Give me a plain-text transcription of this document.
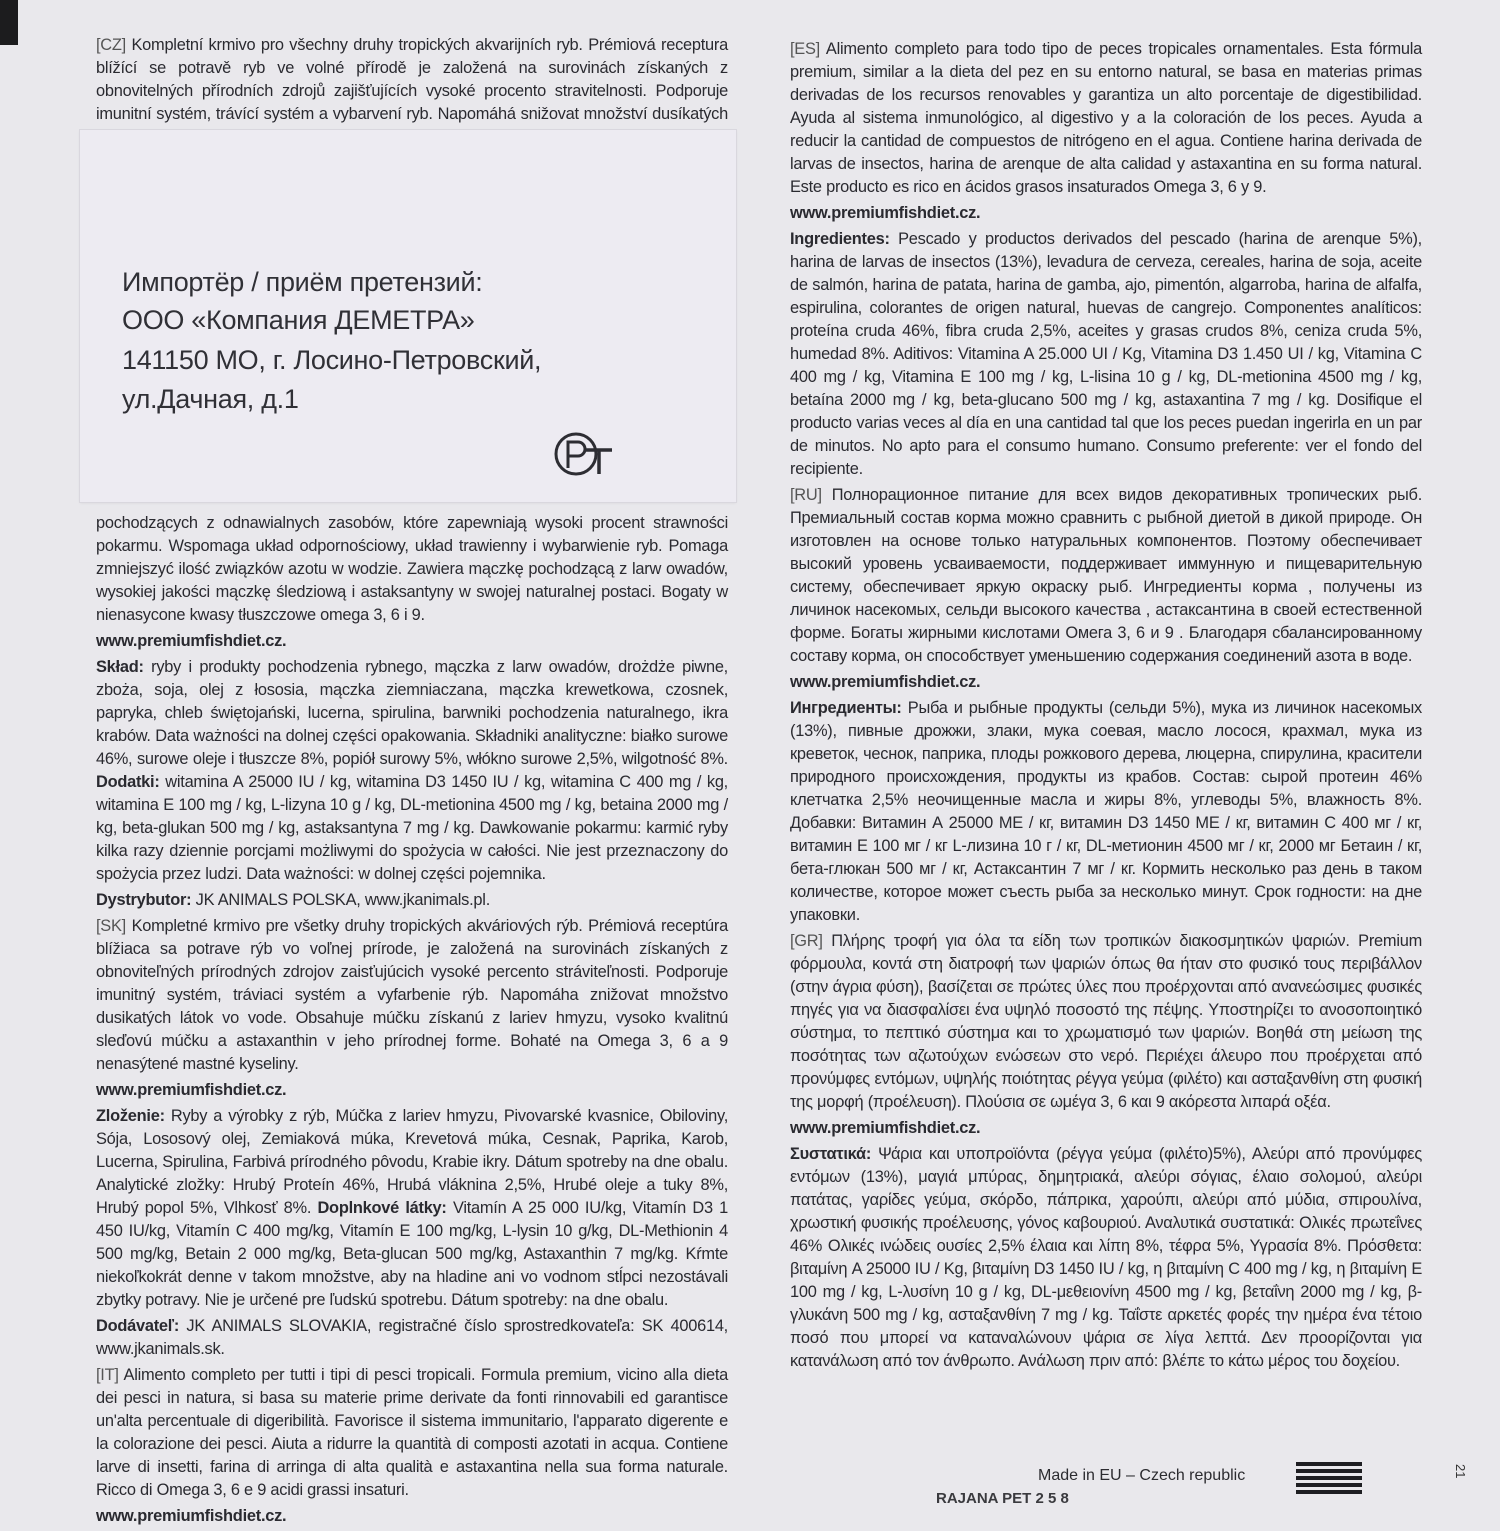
[CZ] Kompletní krmivo pro všechny druhy tropických akvarijních ryb. Prémiová receptura blížící se potravě ryb ve volné přírodě je založená na surovinách získaných z obnovitelných přírodních zdrojů zajišťujících vysoké procento stravitelnosti. Podporuje imunitní systém, trávící systém a vybarvení ryb. Napomáhá snižovat množství dusíkatých

pochodzących z odnawialnych zasobów, które zapewniają wysoki procent strawności pokarmu. Wspomaga układ odpornościowy, układ trawienny i wybarwienie ryb. Pomaga zmniejszyć ilość związków azotu w wodzie. Zawiera mączkę pochodzącą z larw owadów, wysokiej jakości mączkę śledziową i astaksantyny w swojej naturalnej postaci. Bogaty w nienasycone kwasy tłuszczowe omega 3, 6 i 9.

www.premiumfishdiet.cz.

Skład: ryby i produkty pochodzenia rybnego, mączka z larw owadów, drożdże piwne, zboża, soja, olej z łososia, mączka ziemniaczana, mączka krewetkowa, czosnek, papryka, chleb świętojański, lucerna, spirulina, barwniki pochodzenia naturalnego, ikra krabów. Data ważności na dolnej części opakowania. Składniki analityczne: białko surowe 46%, surowe oleje i tłuszcze 8%, popiół surowy 5%, włókno surowe 2,5%, wilgotność 8%. Dodatki: witamina A 25000 IU / kg, witamina D3 1450 IU / kg, witamina C 400 mg / kg, witamina E 100 mg / kg, L-lizyna 10 g / kg, DL-metionina 4500 mg / kg, betaina 2000 mg / kg, beta-glukan 500 mg / kg, astaksantyna 7 mg / kg. Dawkowanie pokarmu: karmić ryby kilka razy dziennie porcjami możliwymi do spożycia w całości. Nie jest przeznaczony do spożycia przez ludzi. Data ważności: w dolnej części pojemnika.

Dystrybutor: JK ANIMALS POLSKA, www.jkanimals.pl.

[SK] Kompletné krmivo pre všetky druhy tropických akváriových rýb. Prémiová receptúra blížiaca sa potrave rýb vo voľnej prírode, je založená na surovinách získaných z obnoviteľných prírodných zdrojov zaisťujúcich vysoké percento stráviteľnosti. Podporuje imunitný systém, tráviaci systém a vyfarbenie rýb. Napomáha znižovat množstvo dusikatých látok vo vode. Obsahuje múčku získanú z lariev hmyzu, vysoko kvalitnú sleďovú múčku a astaxanthin v jeho prírodnej forme. Bohaté na Omega 3, 6 a 9 nenasýtené mastné kyseliny.

www.premiumfishdiet.cz.

Zloženie: Ryby a výrobky z rýb, Múčka z lariev hmyzu, Pivovarské kvasnice, Obiloviny, Sója, Lososový olej, Zemiaková múka, Krevetová múka, Cesnak, Paprika, Karob, Lucerna, Spirulina, Farbivá prírodného pôvodu, Krabie ikry. Dátum spotreby na dne obalu. Analytické zložky: Hrubý Proteín 46%, Hrubá vláknina 2,5%, Hrubé oleje a tuky 8%, Hrubý popol 5%, Vlhkosť 8%. Doplnkové látky: Vitamín A 25 000 IU/kg, Vitamín D3 1 450 IU/kg, Vitamín C 400 mg/kg, Vitamín E 100 mg/kg, L-lysin 10 g/kg, DL-Methionin 4 500 mg/kg, Betain 2 000 mg/kg, Beta-glucan 500 mg/kg, Astaxanthin 7 mg/kg. Kŕmte niekoľkokrát denne v takom množstve, aby na hladine ani vo vodnom stĺpci nezostávali zbytky potravy. Nie je určené pre ľudskú spotrebu. Dátum spotreby: na dne obalu.

Dodávateľ: JK ANIMALS SLOVAKIA, registračné číslo sprostredkovateľa: SK 400614, www.jkanimals.sk.

[IT] Alimento completo per tutti i tipi di pesci tropicali. Formula premium, vicino alla dieta dei pesci in natura, si basa su materie prime derivate da fonti rinnovabili ed garantisce un'alta percentuale di digeribilità. Favorisce il sistema immunitario, l'apparato digerente e la colorazione dei pesci. Aiuta a ridurre la quantità di composti azotati in acqua. Contiene larve di insetti, farina di arringa di alta qualità e astaxantina nella sua forma naturale. Ricco di Omega 3, 6 e 9 acidi grassi insaturi.

www.premiumfishdiet.cz.

[ES] Alimento completo para todo tipo de peces tropicales ornamentales. Esta fórmula premium, similar a la dieta del pez en su entorno natural, se basa en materias primas derivadas de los recursos renovables y garantiza un alto porcentaje de digestibilidad. Ayuda al sistema inmunológico, al digestivo y a la coloración de los peces. Ayuda a reducir la cantidad de compuestos de nitrógeno en el agua. Contiene harina derivada de larvas de insectos, harina de arenque de alta calidad y astaxantina en su forma natural. Este producto es rico en ácidos grasos insaturados Omega 3, 6 y 9.

www.premiumfishdiet.cz.

Ingredientes: Pescado y productos derivados del pescado (harina de arenque 5%), harina de larvas de insectos (13%), levadura de cerveza, cereales, harina de soja, aceite de salmón, harina de patata, harina de gamba, ajo, pimentón, algarroba, harina de alfalfa, espirulina, colorantes de origen natural, huevas de cangrejo. Componentes analíticos: proteína cruda 46%, fibra cruda 2,5%, aceites y grasas crudos 8%, ceniza cruda 5%, humedad 8%. Aditivos: Vitamina A 25.000 UI / Kg, Vitamina D3 1.450 UI / kg, Vitamina C 400 mg / kg, Vitamina E 100 mg / kg, L-lisina 10 g / kg, DL-metionina 4500 mg / kg, betaína 2000 mg / kg, beta-glucano 500 mg / kg, astaxantina 7 mg / kg. Dosifique el producto varias veces al día en una cantidad tal que los peces puedan ingerirla en un par de minutos. No apto para el consumo humano. Consumo preferente: ver el fondo del recipiente.

[RU] Полнорационное питание для всех видов декоративных тропических рыб. Премиальный состав корма можно сравнить с рыбной диетой в дикой природе. Он изготовлен на основе только натуральных компонентов. Поэтому обеспечивает высокий уровень усваиваемости, поддерживает иммунную и пищеварительную систему, обеспечивает яркую окраску рыб. Ингредиенты корма , получены из личинок насекомых, сельди высокого качества , астаксантина в своей естественной форме. Богаты жирными кислотами Омега 3, 6 и 9 . Благодаря сбалансированному составу корма, он способствует уменьшению содержания соединений азота в воде.

www.premiumfishdiet.cz.

Ингредиенты: Рыба и рыбные продукты (сельди 5%), мука из личинок насекомых (13%), пивные дрожжи, злаки, мука соевая, масло лосося, крахмал, мука из креветок, чеснок, паприка, плоды рожкового дерева, люцерна, спирулина, красители природного происхождения, продукты из крабов. Состав: сырой протеин 46% клетчатка 2,5% неочищенные масла и жиры 8%, углеводы 5%, влажность 8%. Добавки: Витамин А 25000 МЕ / кг, витамин D3 1450 МЕ / кг, витамин С 400 мг / кг, витамин Е 100 мг / кг L-лизина 10 г / кг, DL-метионин 4500 мг / кг, 2000 мг Бетаин / кг, бета-глюкан 500 мг / кг, Астаксантин 7 мг / кг. Кормить несколько раз день в таком количестве, которое может съесть рыба за несколько минут. Срок годности: на дне упаковки.

[GR] Πλήρης τροφή για όλα τα είδη των τροπικών διακοσμητικών ψαριών. Premium φόρμουλα, κοντά στη διατροφή των ψαριών όπως θα ήταν στο φυσικό τους περιβάλλον (στην άγρια φύση), βασίζεται σε πρώτες ύλες που προέρχονται από ανανεώσιμες φυσικές πηγές για να διασφαλίσει ένα υψηλό ποσοστό της πέψης. Υποστηρίζει το ανοσοποιητικό σύστημα, το πεπτικό σύστημα και το χρωματισμό των ψαριών. Βοηθά στη μείωση της ποσότητας των αζωτούχων ενώσεων στο νερό. Περιέχει άλευρο που προέρχεται από προνύμφες εντόμων, υψηλής ποιότητας ρέγγα γεύμα (φιλέτο) και ασταξανθίνη στη φυσική της μορφή (προέλευση). Πλούσια σε ωμέγα 3, 6 και 9 ακόρεστα λιπαρά οξέα.

www.premiumfishdiet.cz.

Συστατικά: Ψάρια και υποπροϊόντα (ρέγγα γεύμα (φιλέτο)5%), Αλεύρι από προνύμφες εντόμων (13%), μαγιά μπύρας, δημητριακά, αλεύρι σόγιας, έλαιο σολομού, αλεύρι πατάτας, γαρίδες γεύμα, σκόρδο, πάπρικα, χαρούπι, αλεύρι από μύδια, σπιρουλίνα, χρωστική φυσικής προέλευσης, γόνος καβουριού. Αναλυτικά συστατικά: Ολικές πρωτεΐνες 46% Ολικές ινώδεις ουσίες 2,5% έλαια και λίπη 8%, τέφρα 5%, Υγρασία 8%. Πρόσθετα: βιταμίνη A 25000 IU / Kg, βιταμίνη D3 1450 IU / kg, η βιταμίνη C 400 mg / kg, η βιταμίνη E 100 mg / kg, L-λυσίνη 10 g / kg, DL-μεθειονίνη 4500 mg / kg, βεταΐνη 2000 mg / kg, β-γλυκάνη 500 mg / kg, ασταξανθίνη 7 mg / kg. Ταΐστε αρκετές φορές την ημέρα ένα τέτοιο ποσό που μπορεί να καταναλώνουν ψάρια σε λίγα λεπτά. Δεν προορίζονται για κατανάλωση από τον άνθρωπο. Ανάλωση πριν από: βλέπε το κάτω μέρος του δοχείου.

Импортёр / приём претензий:
ООО «Компания ДЕМЕТРА»
141150 МО, г. Лосино-Петровский,
ул.Дачная, д.1
Made in EU – Czech republic	21
RAJANA PET 2 5 8
